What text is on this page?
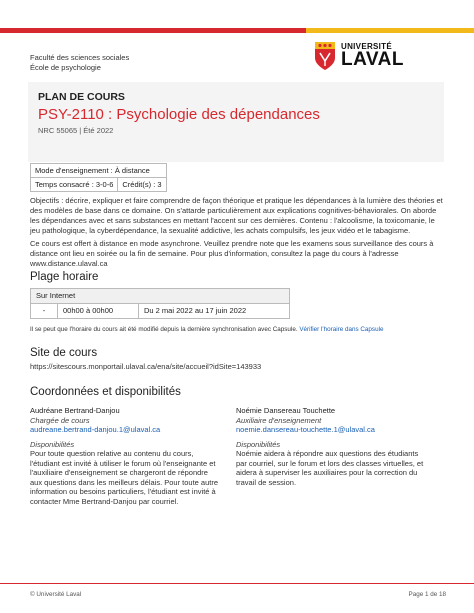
Faculté des sciences sociales
École de psychologie
UNIVERSITÉ
LAVAL
PLAN DE COURS
PSY-2110 : Psychologie des dépendances
NRC 55065 | Été 2022
Mode d'enseignement : À distance
Temps consacré : 3-0-6	Crédit(s) : 3
Objectifs : décrire, expliquer et faire comprendre de façon théorique et pratique les dépendances à la lumière des théories et des modèles de base dans ce domaine. On s'attarde particulièrement aux explications cognitives-béhaviorales. On aborde les dépendances avec et sans substances en mettant l'accent sur ces dernières. Contenu : l'alcoolisme, la toxicomanie, le jeu pathologique, la cyberdépendance, la sexualité addictive, les achats compulsifs, les jeux vidéo et le tabagisme.
Ce cours est offert à distance en mode asynchrone. Veuillez prendre note que les examens sous surveillance des cours à distance ont lieu en soirée ou la fin de semaine. Pour plus d'information, consultez la page du cours à l'adresse www.distance.ulaval.ca
Plage horaire
Sur Internet
-	00h00 à 00h00	Du 2 mai 2022 au 17 juin 2022
Il se peut que l'horaire du cours ait été modifié depuis la dernière synchronisation avec Capsule. Vérifier l'horaire dans Capsule
Site de cours
https://sitescours.monportail.ulaval.ca/ena/site/accueil?idSite=143933
Coordonnées et disponibilités
Audréane Bertrand-Danjou
Chargée de cours
audreane.bertrand-danjou.1@ulaval.ca
Disponibilités
Pour toute question relative au contenu du cours, l'étudiant est invité à utiliser le forum où l'enseignante et l'auxiliaire d'enseignement se chargeront de répondre aux questions dans les meilleurs délais. Pour toute autre information ou besoins particuliers, l'étudiant est invité à contacter Mme Bertrand-Danjou par courriel.
Noémie Dansereau Touchette
Auxiliaire d'enseignement
noemie.dansereau-touchette.1@ulaval.ca
Disponibilités
Noémie aidera à répondre aux questions des étudiants par courriel, sur le forum et lors des classes virtuelles, et aidera à superviser les auxiliaires pour la correction du travail de session.
© Université Laval	Page 1 de 18
